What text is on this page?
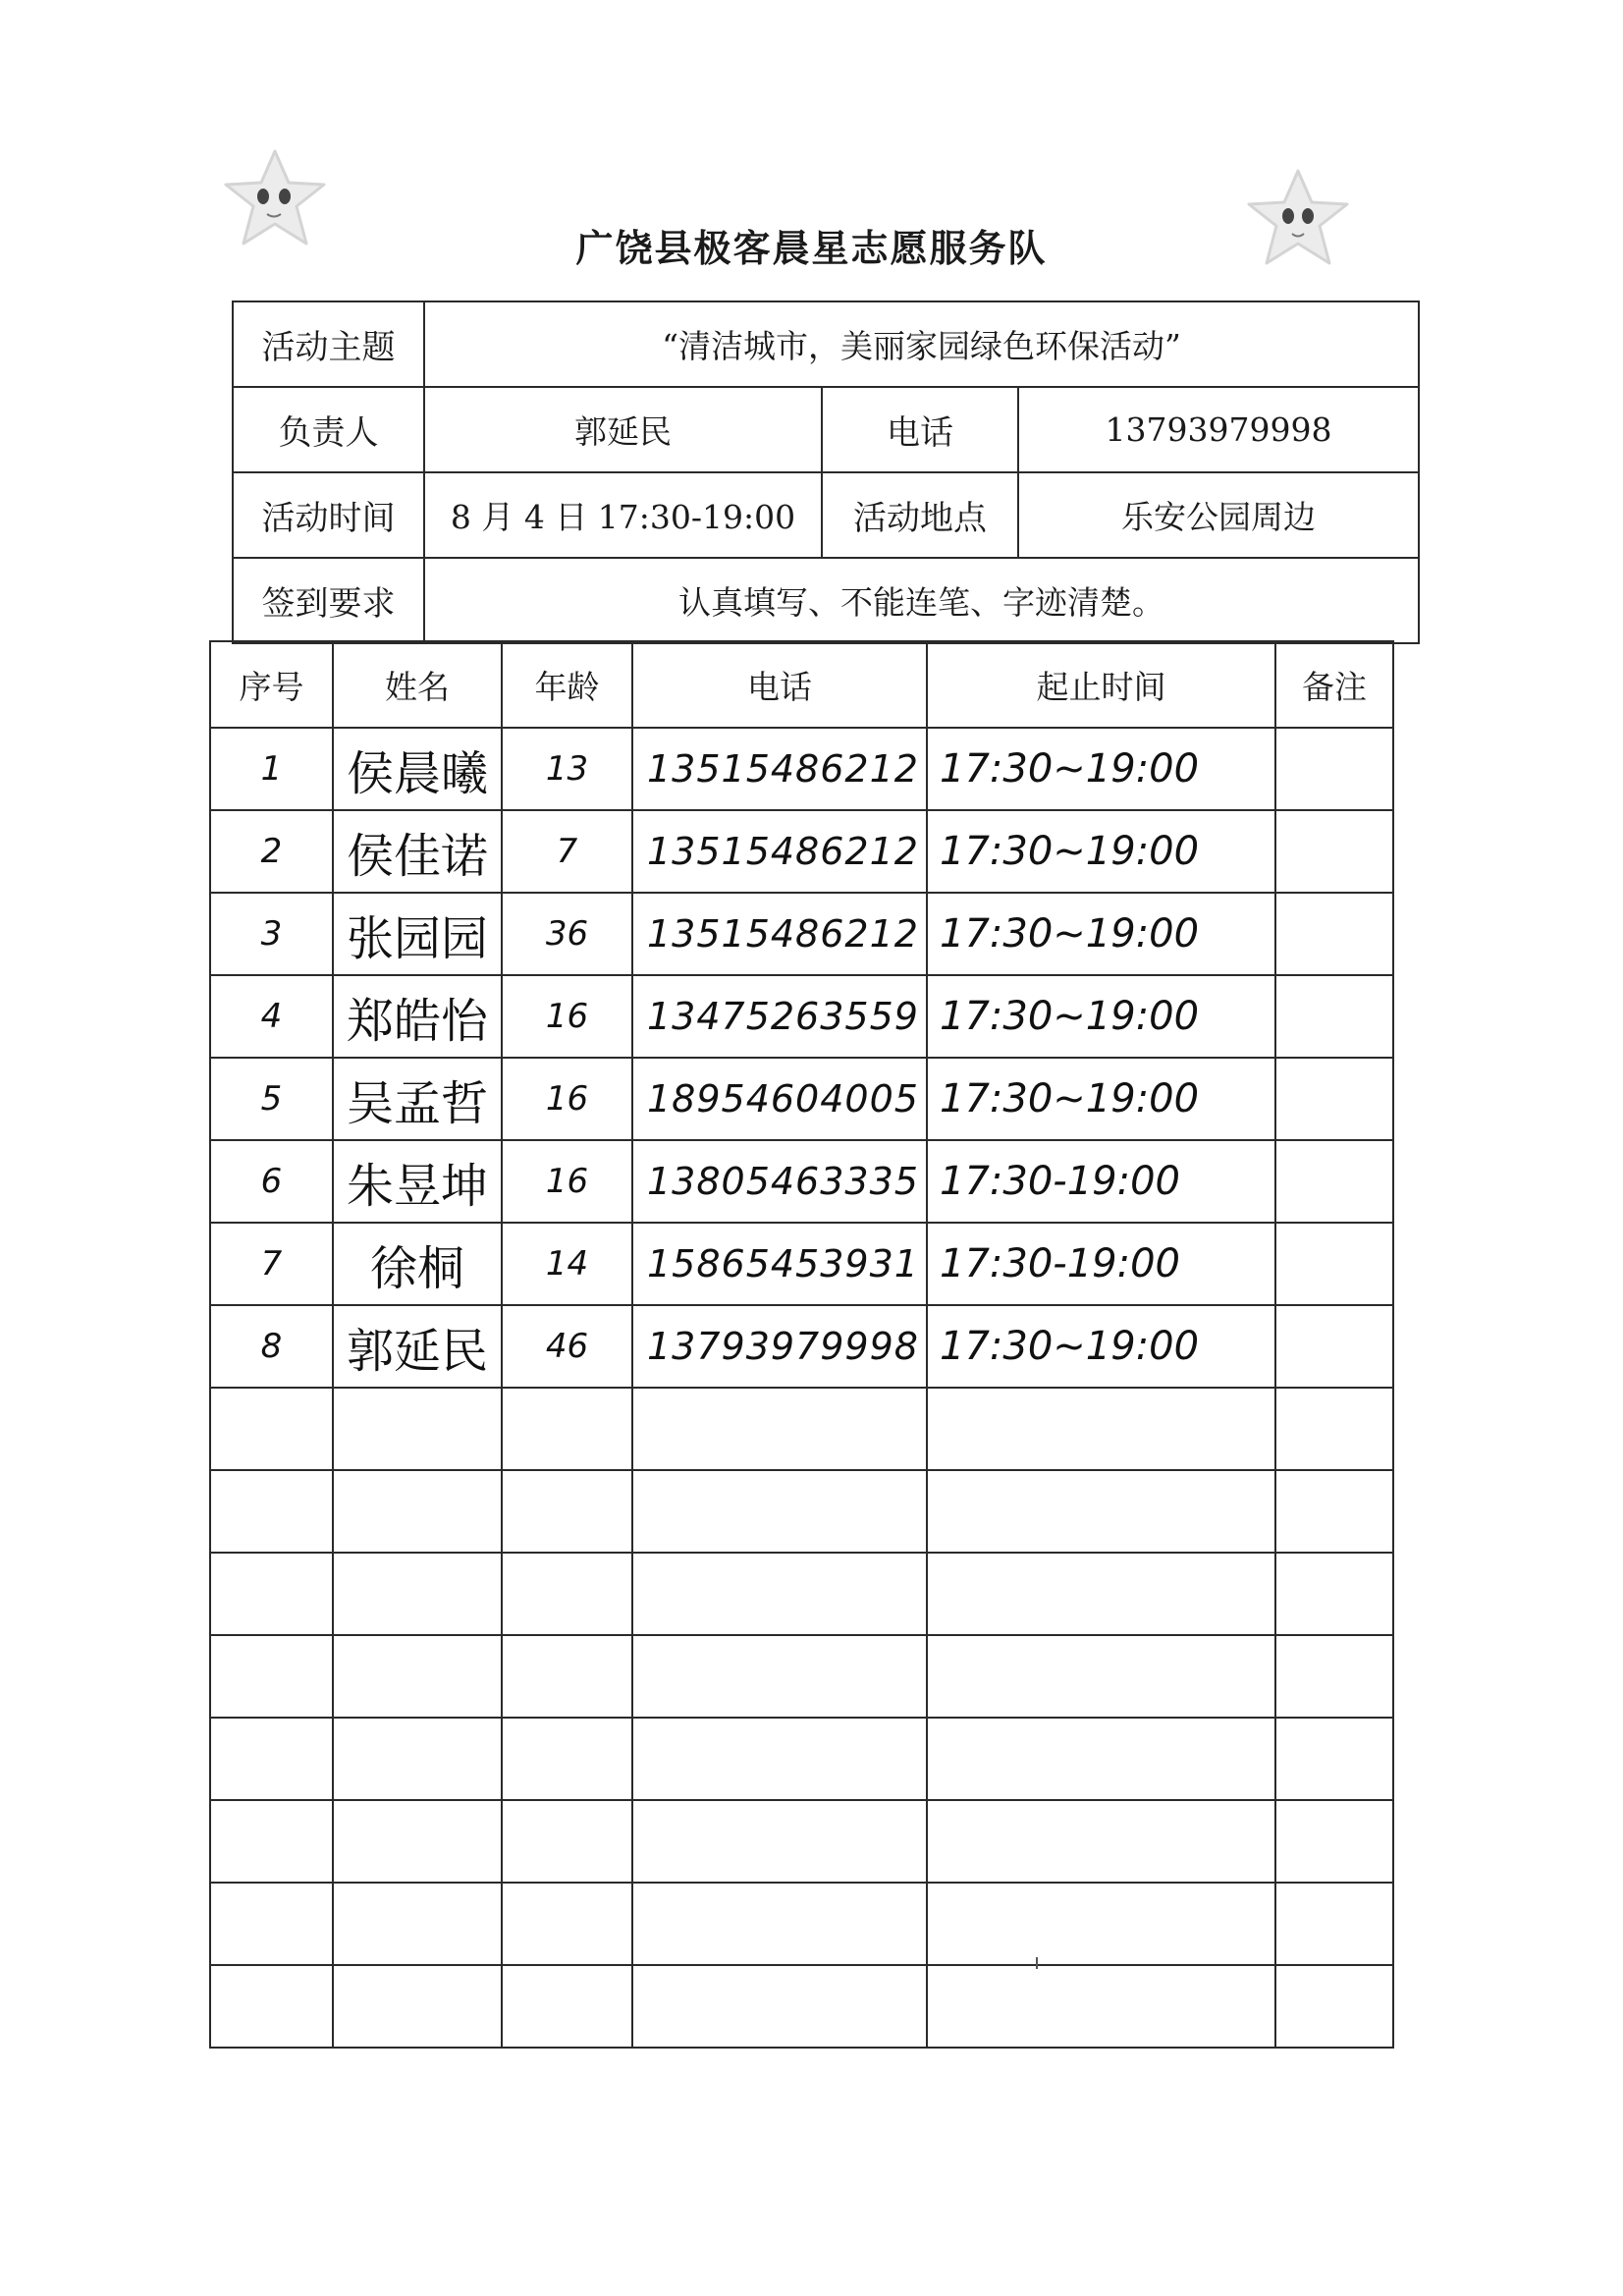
广饶县极客晨星志愿服务队
活动主题	“清洁城市，美丽家园绿色环保活动”		
负责人	郭延民	电话	13793979998
活动时间	8 月 4 日 17:30-19:00	活动地点	乐安公园周边
签到要求	认真填写、不能连笔、字迹清楚。		
序号	姓名	年龄	电话	起止时间	备注
1	侯晨曦	13	13515486212	17:30~19:00	
2	侯佳诺	7	13515486212	17:30~19:00	
3	张园园	36	13515486212	17:30~19:00	
4	郑皓怡	16	13475263559	17:30~19:00	
5	吴孟哲	16	18954604005	17:30~19:00	
6	朱昱坤	16	13805463335	17:30-19:00	
7	徐桐	14	15865453931	17:30-19:00	
8	郭延民	46	13793979998	17:30~19:00	
